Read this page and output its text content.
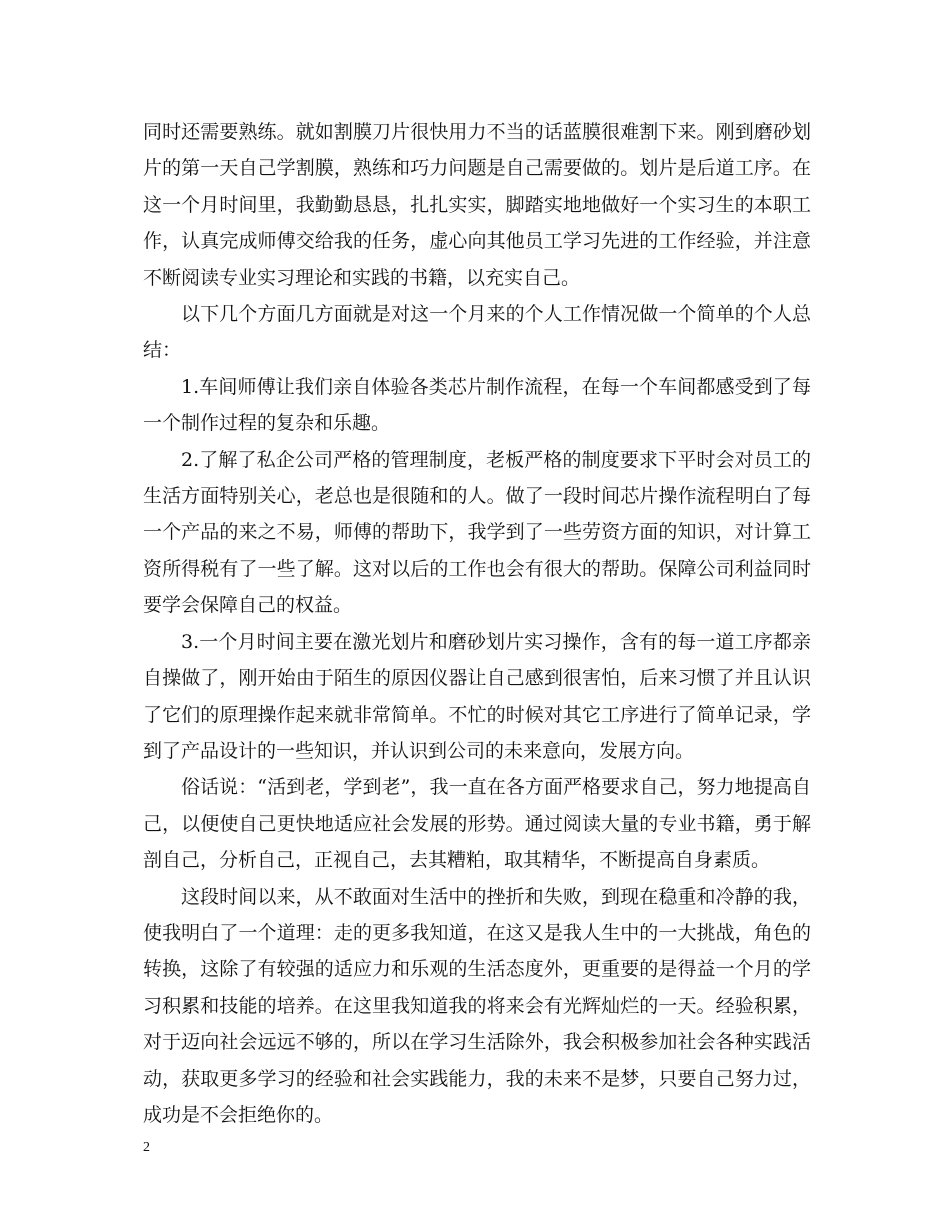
同时还需要熟练。就如割膜刀片很快用力不当的话蓝膜很难割下来。刚到磨砂划片的第一天自己学割膜，熟练和巧力问题是自己需要做的。划片是后道工序。在这一个月时间里，我勤勤恳恳，扎扎实实，脚踏实地地做好一个实习生的本职工作，认真完成师傅交给我的任务，虚心向其他员工学习先进的工作经验，并注意不断阅读专业实习理论和实践的书籍，以充实自己。

以下几个方面几方面就是对这一个月来的个人工作情况做一个简单的个人总结：

1.车间师傅让我们亲自体验各类芯片制作流程，在每一个车间都感受到了每一个制作过程的复杂和乐趣。

2.了解了私企公司严格的管理制度，老板严格的制度要求下平时会对员工的生活方面特别关心，老总也是很随和的人。做了一段时间芯片操作流程明白了每一个产品的来之不易，师傅的帮助下，我学到了一些劳资方面的知识，对计算工资所得税有了一些了解。这对以后的工作也会有很大的帮助。保障公司利益同时要学会保障自己的权益。

3.一个月时间主要在激光划片和磨砂划片实习操作，含有的每一道工序都亲自操做了，刚开始由于陌生的原因仪器让自己感到很害怕，后来习惯了并且认识了它们的原理操作起来就非常简单。不忙的时候对其它工序进行了简单记录，学到了产品设计的一些知识，并认识到公司的未来意向，发展方向。

俗话说：“活到老，学到老”，我一直在各方面严格要求自己，努力地提高自己，以便使自己更快地适应社会发展的形势。通过阅读大量的专业书籍，勇于解剖自己，分析自己，正视自己，去其糟粕，取其精华，不断提高自身素质。

这段时间以来，从不敢面对生活中的挫折和失败，到现在稳重和冷静的我，使我明白了一个道理：走的更多我知道，在这又是我人生中的一大挑战，角色的转换，这除了有较强的适应力和乐观的生活态度外，更重要的是得益一个月的学习积累和技能的培养。在这里我知道我的将来会有光辉灿烂的一天。经验积累，对于迈向社会远远不够的，所以在学习生活除外，我会积极参加社会各种实践活动，获取更多学习的经验和社会实践能力，我的未来不是梦，只要自己努力过，成功是不会拒绝你的。

2
